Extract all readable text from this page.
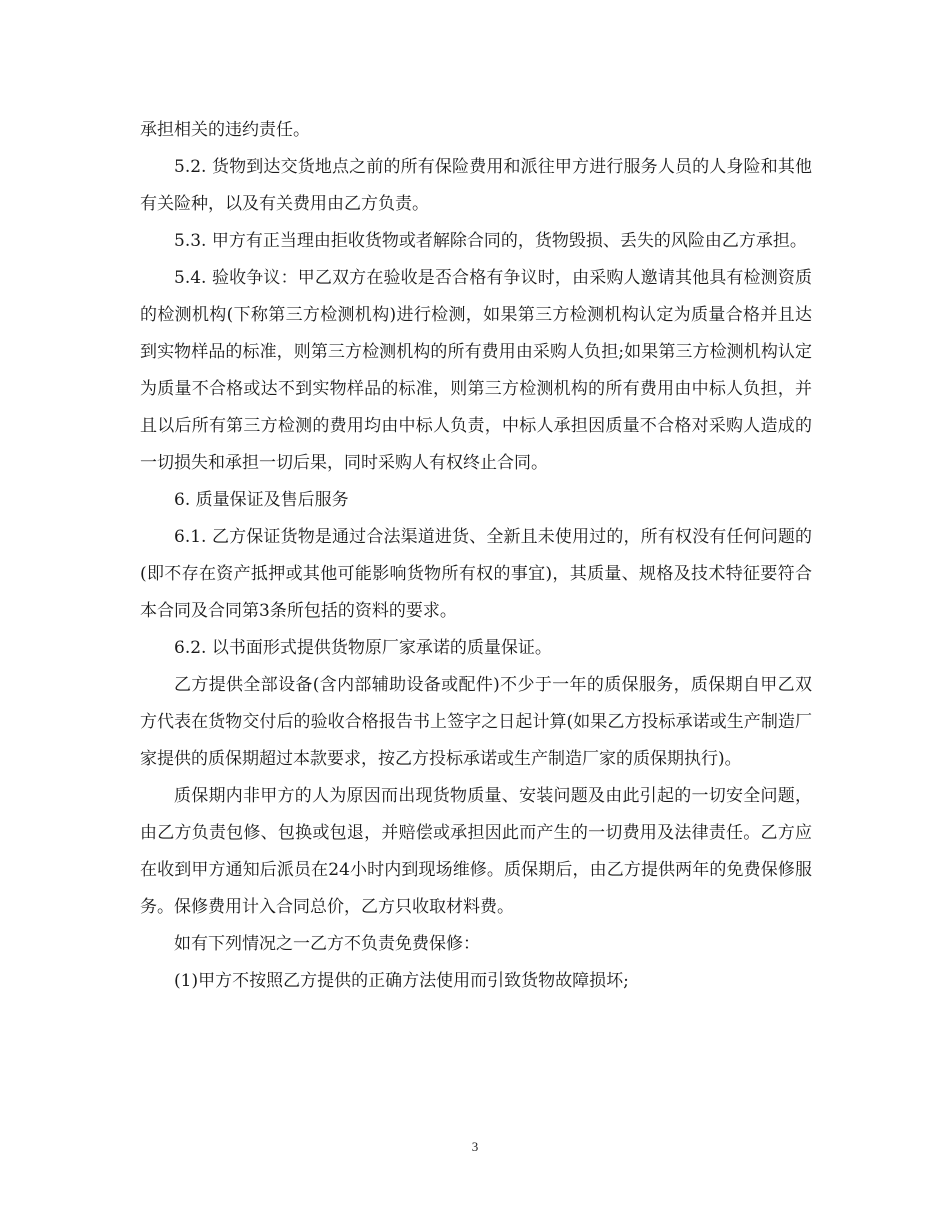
承担相关的违约责任。

5.2. 货物到达交货地点之前的所有保险费用和派往甲方进行服务人员的人身险和其他有关险种，以及有关费用由乙方负责。

5.3. 甲方有正当理由拒收货物或者解除合同的，货物毁损、丢失的风险由乙方承担。

5.4. 验收争议：甲乙双方在验收是否合格有争议时，由采购人邀请其他具有检测资质的检测机构(下称第三方检测机构)进行检测，如果第三方检测机构认定为质量合格并且达到实物样品的标准，则第三方检测机构的所有费用由采购人负担;如果第三方检测机构认定为质量不合格或达不到实物样品的标准，则第三方检测机构的所有费用由中标人负担，并且以后所有第三方检测的费用均由中标人负责，中标人承担因质量不合格对采购人造成的一切损失和承担一切后果，同时采购人有权终止合同。

6. 质量保证及售后服务

6.1. 乙方保证货物是通过合法渠道进货、全新且未使用过的，所有权没有任何问题的(即不存在资产抵押或其他可能影响货物所有权的事宜)，其质量、规格及技术特征要符合本合同及合同第3条所包括的资料的要求。

6.2. 以书面形式提供货物原厂家承诺的质量保证。

乙方提供全部设备(含内部辅助设备或配件)不少于一年的质保服务，质保期自甲乙双方代表在货物交付后的验收合格报告书上签字之日起计算(如果乙方投标承诺或生产制造厂家提供的质保期超过本款要求，按乙方投标承诺或生产制造厂家的质保期执行)。

质保期内非甲方的人为原因而出现货物质量、安装问题及由此引起的一切安全问题，由乙方负责包修、包换或包退，并赔偿或承担因此而产生的一切费用及法律责任。乙方应在收到甲方通知后派员在24小时内到现场维修。质保期后，由乙方提供两年的免费保修服务。保修费用计入合同总价，乙方只收取材料费。

如有下列情况之一乙方不负责免费保修：

(1)甲方不按照乙方提供的正确方法使用而引致货物故障损坏;

3
